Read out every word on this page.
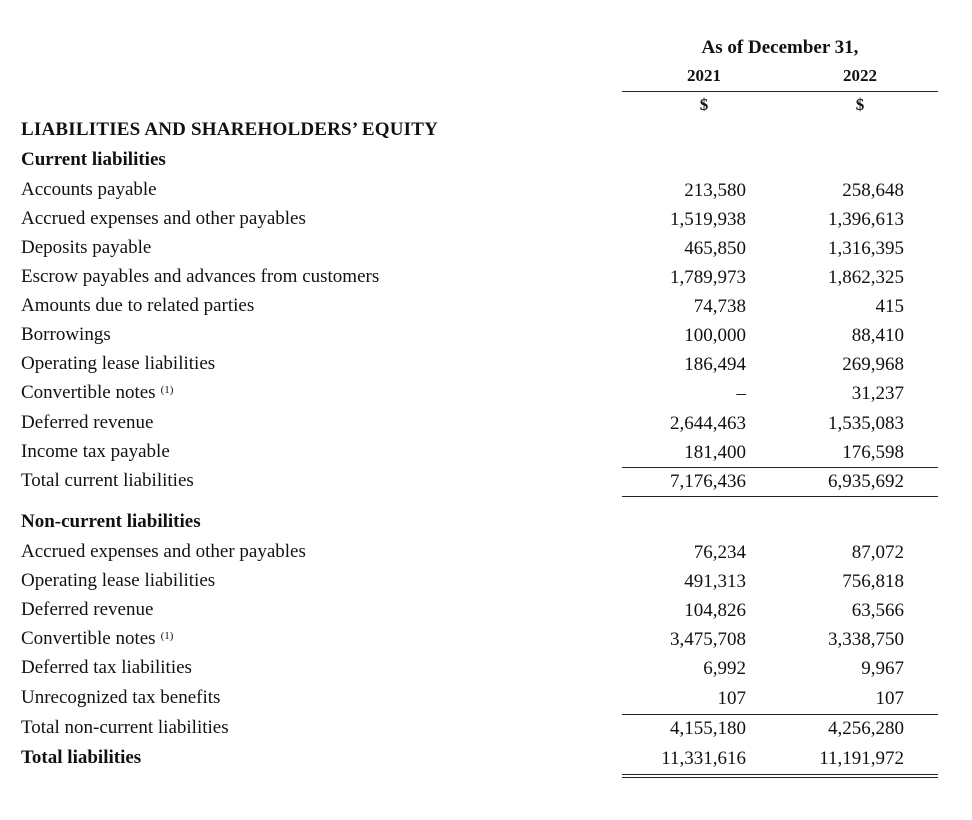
As of December 31,
2021	2022
$	$
LIABILITIES AND SHAREHOLDERS’ EQUITY
Current liabilities
Accounts payable	213,580	258,648
Accrued expenses and other payables	1,519,938	1,396,613
Deposits payable	465,850	1,316,395
Escrow payables and advances from customers	1,789,973	1,862,325
Amounts due to related parties	74,738	415
Borrowings	100,000	88,410
Operating lease liabilities	186,494	269,968
Convertible notes $^{(1)}$	–	31,237
Deferred revenue	2,644,463	1,535,083
Income tax payable	181,400	176,598
Total current liabilities	7,176,436	6,935,692
Non-current liabilities
Accrued expenses and other payables	76,234	87,072
Operating lease liabilities	491,313	756,818
Deferred revenue	104,826	63,566
Convertible notes $^{(1)}$	3,475,708	3,338,750
Deferred tax liabilities	6,992	9,967
Unrecognized tax benefits	107	107
Total non-current liabilities	4,155,180	4,256,280
Total liabilities	11,331,616	11,191,972
